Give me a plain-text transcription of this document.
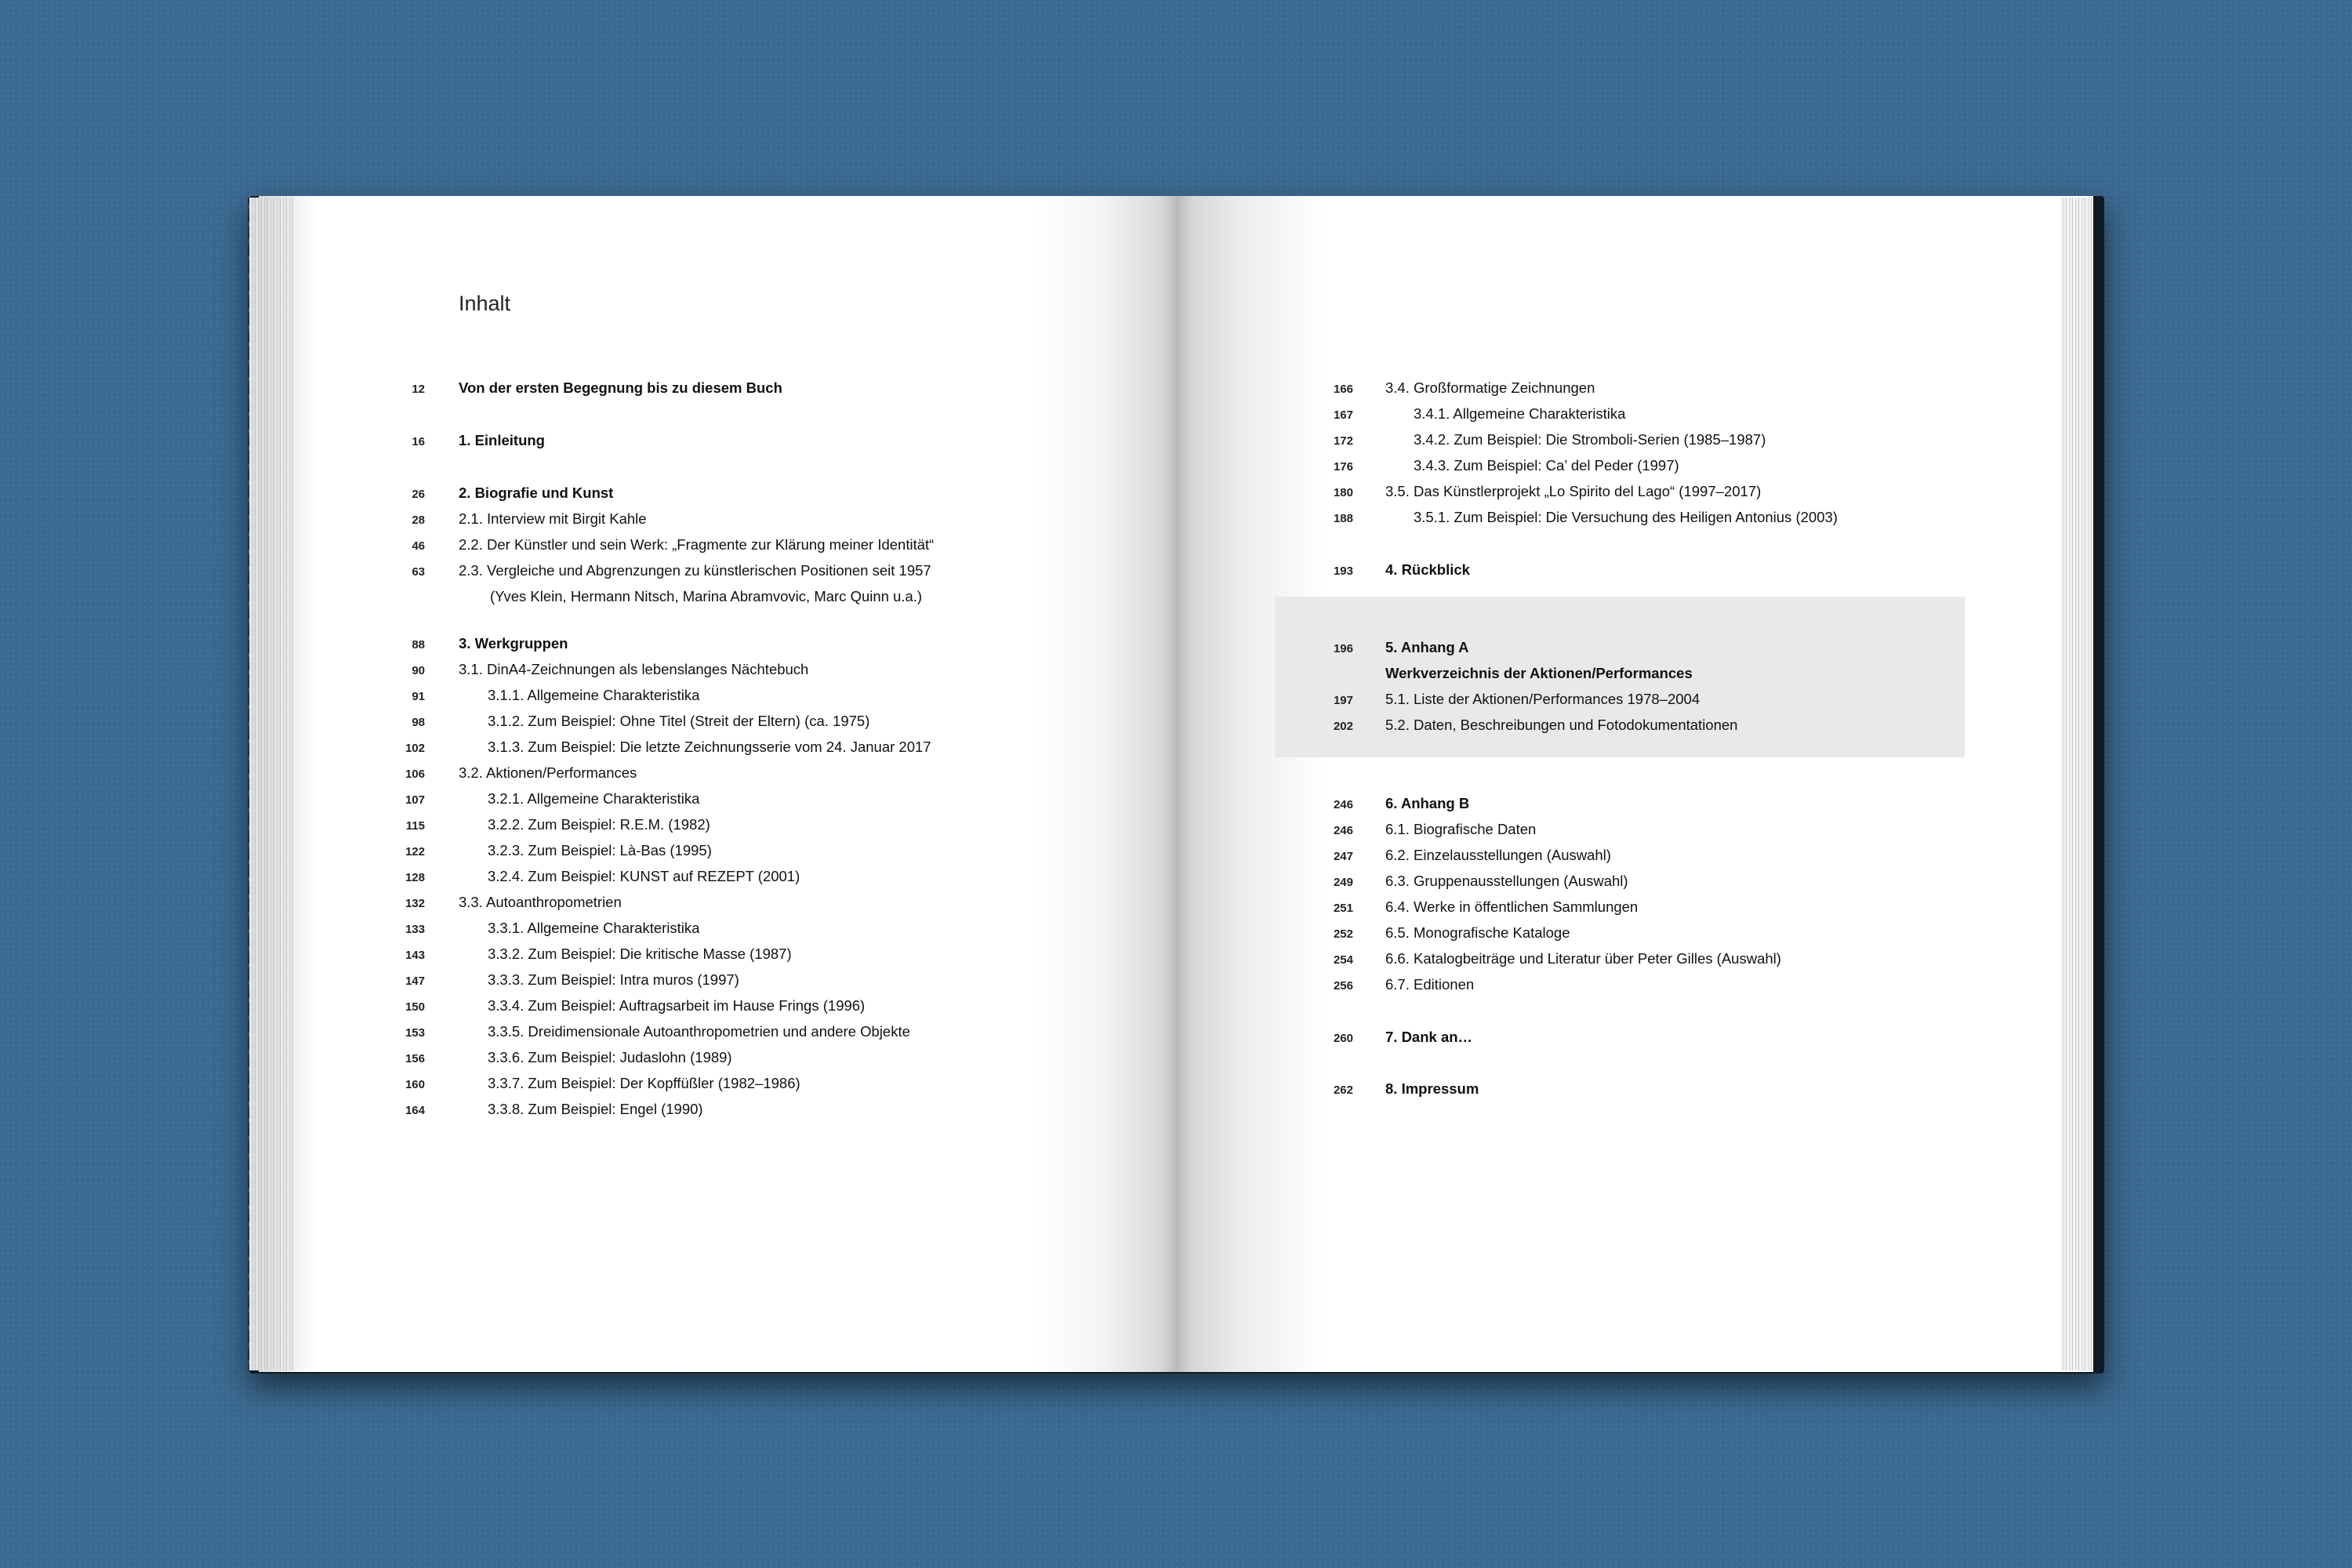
Inhalt
12 Von der ersten Begegnung bis zu diesem Buch
16 1. Einleitung
26 2. Biografie und Kunst
28 2.1. Interview mit Birgit Kahle
46 2.2. Der Künstler und sein Werk: „Fragmente zur Klärung meiner Identität“
63 2.3. Vergleiche und Abgrenzungen zu künstlerischen Positionen seit 1957
(Yves Klein, Hermann Nitsch, Marina Abramvovic, Marc Quinn u.a.)
88 3. Werkgruppen
90 3.1. DinA4-Zeichnungen als lebenslanges Nächtebuch
91	3.1.1. Allgemeine Charakteristika
98	3.1.2. Zum Beispiel: Ohne Titel (Streit der Eltern) (ca. 1975)
102	3.1.3. Zum Beispiel: Die letzte Zeichnungsserie vom 24. Januar 2017
106 3.2. Aktionen/Performances
107	3.2.1. Allgemeine Charakteristika
115	3.2.2. Zum Beispiel: R.E.M. (1982)
122	3.2.3. Zum Beispiel: Là-Bas (1995)
128	3.2.4. Zum Beispiel: KUNST auf REZEPT (2001)
132 3.3. Autoanthropometrien
133	3.3.1. Allgemeine Charakteristika
143	3.3.2. Zum Beispiel: Die kritische Masse (1987)
147	3.3.3. Zum Beispiel: Intra muros (1997)
150	3.3.4. Zum Beispiel: Auftragsarbeit im Hause Frings (1996)
153	3.3.5. Dreidimensionale Autoanthropometrien und andere Objekte
156	3.3.6. Zum Beispiel: Judaslohn (1989)
160	3.3.7. Zum Beispiel: Der Kopffüßler (1982–1986)
164	3.3.8. Zum Beispiel: Engel (1990)
166 3.4. Großformatige Zeichnungen
167	3.4.1. Allgemeine Charakteristika
172	3.4.2. Zum Beispiel: Die Stromboli-Serien (1985–1987)
176	3.4.3. Zum Beispiel: Ca’ del Peder (1997)
180 3.5. Das Künstlerprojekt „Lo Spirito del Lago“ (1997–2017)
188	3.5.1. Zum Beispiel: Die Versuchung des Heiligen Antonius (2003)
193 4. Rückblick
196 5. Anhang A
Werkverzeichnis der Aktionen/Performances
197 5.1. Liste der Aktionen/Performances 1978–2004
202 5.2. Daten, Beschreibungen und Fotodokumentationen
246 6. Anhang B
246 6.1. Biografische Daten
247 6.2. Einzelausstellungen (Auswahl)
249 6.3. Gruppenausstellungen (Auswahl)
251 6.4. Werke in öffentlichen Sammlungen
252 6.5. Monografische Kataloge
254 6.6. Katalogbeiträge und Literatur über Peter Gilles (Auswahl)
256 6.7. Editionen
260 7. Dank an…
262 8. Impressum
